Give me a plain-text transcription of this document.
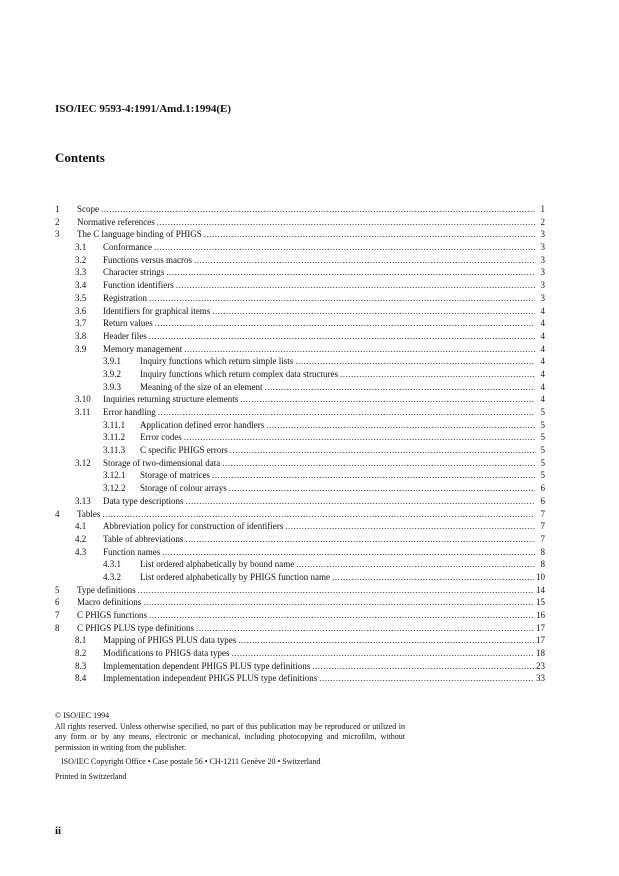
ISO/IEC 9593-4:1991/Amd.1:1994(E)
Contents
1 Scope .....	1
2 Normative references .....	2
3 The C language binding of PHIGS .....	3
3.1 Conformance .....	3
3.2 Functions versus macros .....	3
3.3 Character strings .....	3
3.4 Function identifiers .....	3
3.5 Registration .....	3
3.6 Identifiers for graphical items .....	4
3.7 Return values .....	4
3.8 Header files .....	4
3.9 Memory management .....	4
3.9.1 Inquiry functions which return simple lists .....	4
3.9.2 Inquiry functions which return complex data structures .....	4
3.9.3 Meaning of the size of an element .....	4
3.10 Inquiries returning structure elements .....	4
3.11 Error handling .....	5
3.11.1 Application defined error handlers .....	5
3.11.2 Error codes .....	5
3.11.3 C specific PHIGS errors .....	5
3.12 Storage of two-dimensional data .....	5
3.12.1 Storage of matrices .....	5
3.12.2 Storage of colour arrays .....	6
3.13 Data type descriptions .....	6
4 Tables .....	7
4.1 Abbreviation policy for construction of identifiers .....	7
4.2 Table of abbreviations .....	7
4.3 Function names .....	8
4.3.1 List ordered alphabetically by bound name .....	8
4.3.2 List ordered alphabetically by PHIGS function name .....	10
5 Type definitions .....	14
6 Macro definitions .....	15
7 C PHIGS functions .....	16
8 C PHIGS PLUS type definitions .....	17
8.1 Mapping of PHIGS PLUS data types .....	17
8.2 Modifications to PHIGS data types .....	18
8.3 Implementation dependent PHIGS PLUS type definitions .....	23
8.4 Implementation independent PHIGS PLUS type definitions .....	33

© ISO/IEC 1994

All rights reserved. Unless otherwise specified, no part of this publication may be reproduced or utilized in any form or by any means, electronic or mechanical, including photocopying and microfilm, without permission in writing from the publisher.

ISO/IEC Copyright Office • Case postale 56 • CH-1211 Genève 20 • Switzerland

Printed in Switzerland

ii
